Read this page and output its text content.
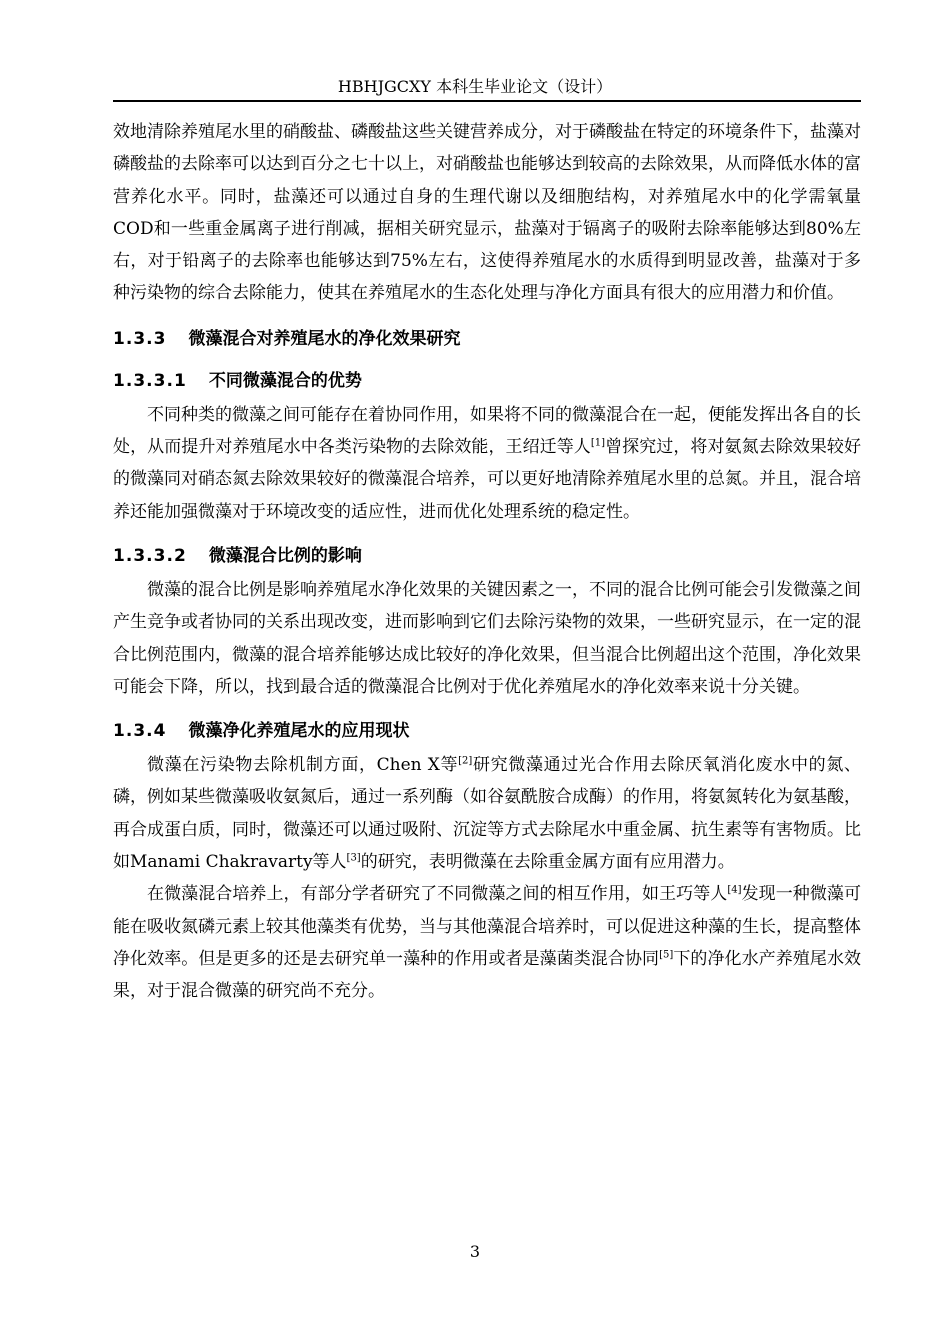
HBHJGCXY 本科生毕业论文（设计）

效地清除养殖尾水里的硝酸盐、磷酸盐这些关键营养成分，对于磷酸盐在特定的环境条件下，盐藻对磷酸盐的去除率可以达到百分之七十以上，对硝酸盐也能够达到较高的去除效果，从而降低水体的富营养化水平。同时，盐藻还可以通过自身的生理代谢以及细胞结构，对养殖尾水中的化学需氧量COD和一些重金属离子进行削减，据相关研究显示，盐藻对于镉离子的吸附去除率能够达到80%左右，对于铅离子的去除率也能够达到75%左右，这使得养殖尾水的水质得到明显改善，盐藻对于多种污染物的综合去除能力，使其在养殖尾水的生态化处理与净化方面具有很大的应用潜力和价值。

1.3.3 微藻混合对养殖尾水的净化效果研究
1.3.3.1 不同微藻混合的优势

不同种类的微藻之间可能存在着协同作用，如果将不同的微藻混合在一起，便能发挥出各自的长处，从而提升对养殖尾水中各类污染物的去除效能，王绍迁等人[1]曾探究过，将对氨氮去除效果较好的微藻同对硝态氮去除效果较好的微藻混合培养，可以更好地清除养殖尾水里的总氮。并且，混合培养还能加强微藻对于环境改变的适应性，进而优化处理系统的稳定性。

1.3.3.2 微藻混合比例的影响

微藻的混合比例是影响养殖尾水净化效果的关键因素之一，不同的混合比例可能会引发微藻之间产生竞争或者协同的关系出现改变，进而影响到它们去除污染物的效果，一些研究显示，在一定的混合比例范围内，微藻的混合培养能够达成比较好的净化效果，但当混合比例超出这个范围，净化效果可能会下降，所以，找到最合适的微藻混合比例对于优化养殖尾水的净化效率来说十分关键。

1.3.4 微藻净化养殖尾水的应用现状

微藻在污染物去除机制方面，Chen X等[2]研究微藻通过光合作用去除厌氧消化废水中的氮、磷，例如某些微藻吸收氨氮后，通过一系列酶（如谷氨酰胺合成酶）的作用，将氨氮转化为氨基酸，再合成蛋白质，同时，微藻还可以通过吸附、沉淀等方式去除尾水中重金属、抗生素等有害物质。比如Manami Chakravarty等人[3]的研究，表明微藻在去除重金属方面有应用潜力。

在微藻混合培养上，有部分学者研究了不同微藻之间的相互作用，如王巧等人[4]发现一种微藻可能在吸收氮磷元素上较其他藻类有优势，当与其他藻混合培养时，可以促进这种藻的生长，提高整体净化效率。但是更多的还是去研究单一藻种的作用或者是藻菌类混合协同[5]下的净化水产养殖尾水效果，对于混合微藻的研究尚不充分。

3
